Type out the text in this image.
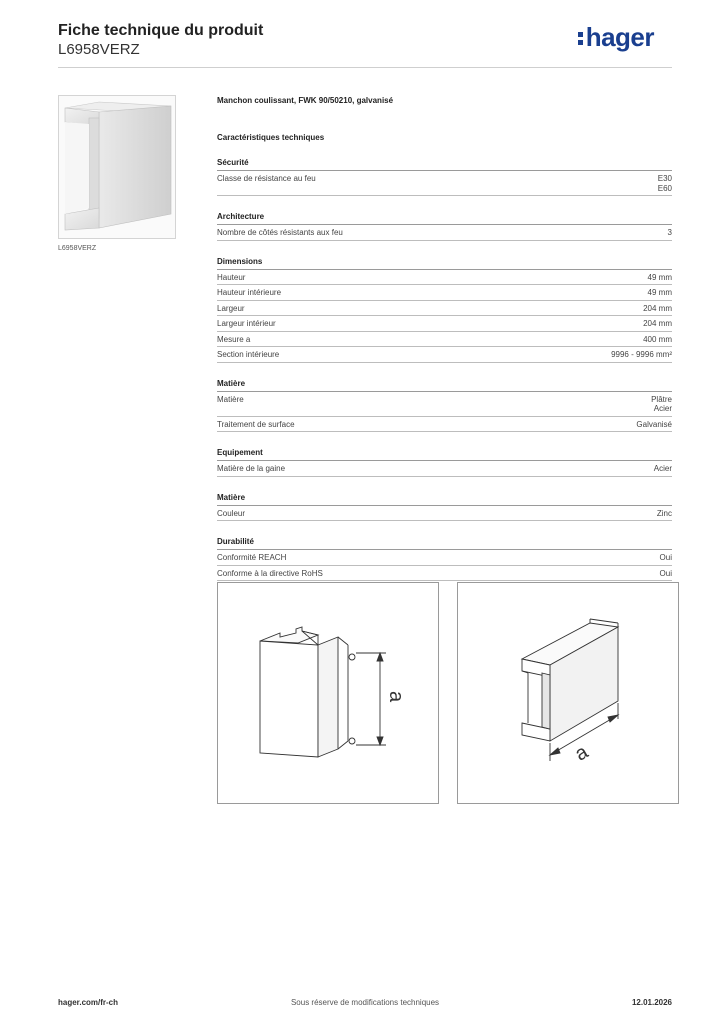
Fiche technique du produit
L6958VERZ	hager
L6958VERZ
Manchon coulissant, FWK 90/50210, galvanisé
Caractéristiques techniques
Sécurité
Classe de résistance au feu	E30
E60
Architecture
Nombre de côtés résistants aux feu	3
Dimensions
Hauteur	49 mm
Hauteur intérieure	49 mm
Largeur	204 mm
Largeur intérieur	204 mm
Mesure a	400 mm
Section intérieure	9996 - 9996 mm²
Matière
Matière	Plâtre
Acier
Traitement de surface	Galvanisé
Equipement
Matière de la gaine	Acier
Matière
Couleur	Zinc
Durabilité
Conformité REACH	Oui
Conforme à la directive RoHS	Oui
a
a
hager.com/fr-ch	Sous réserve de modifications techniques	12.01.2026
